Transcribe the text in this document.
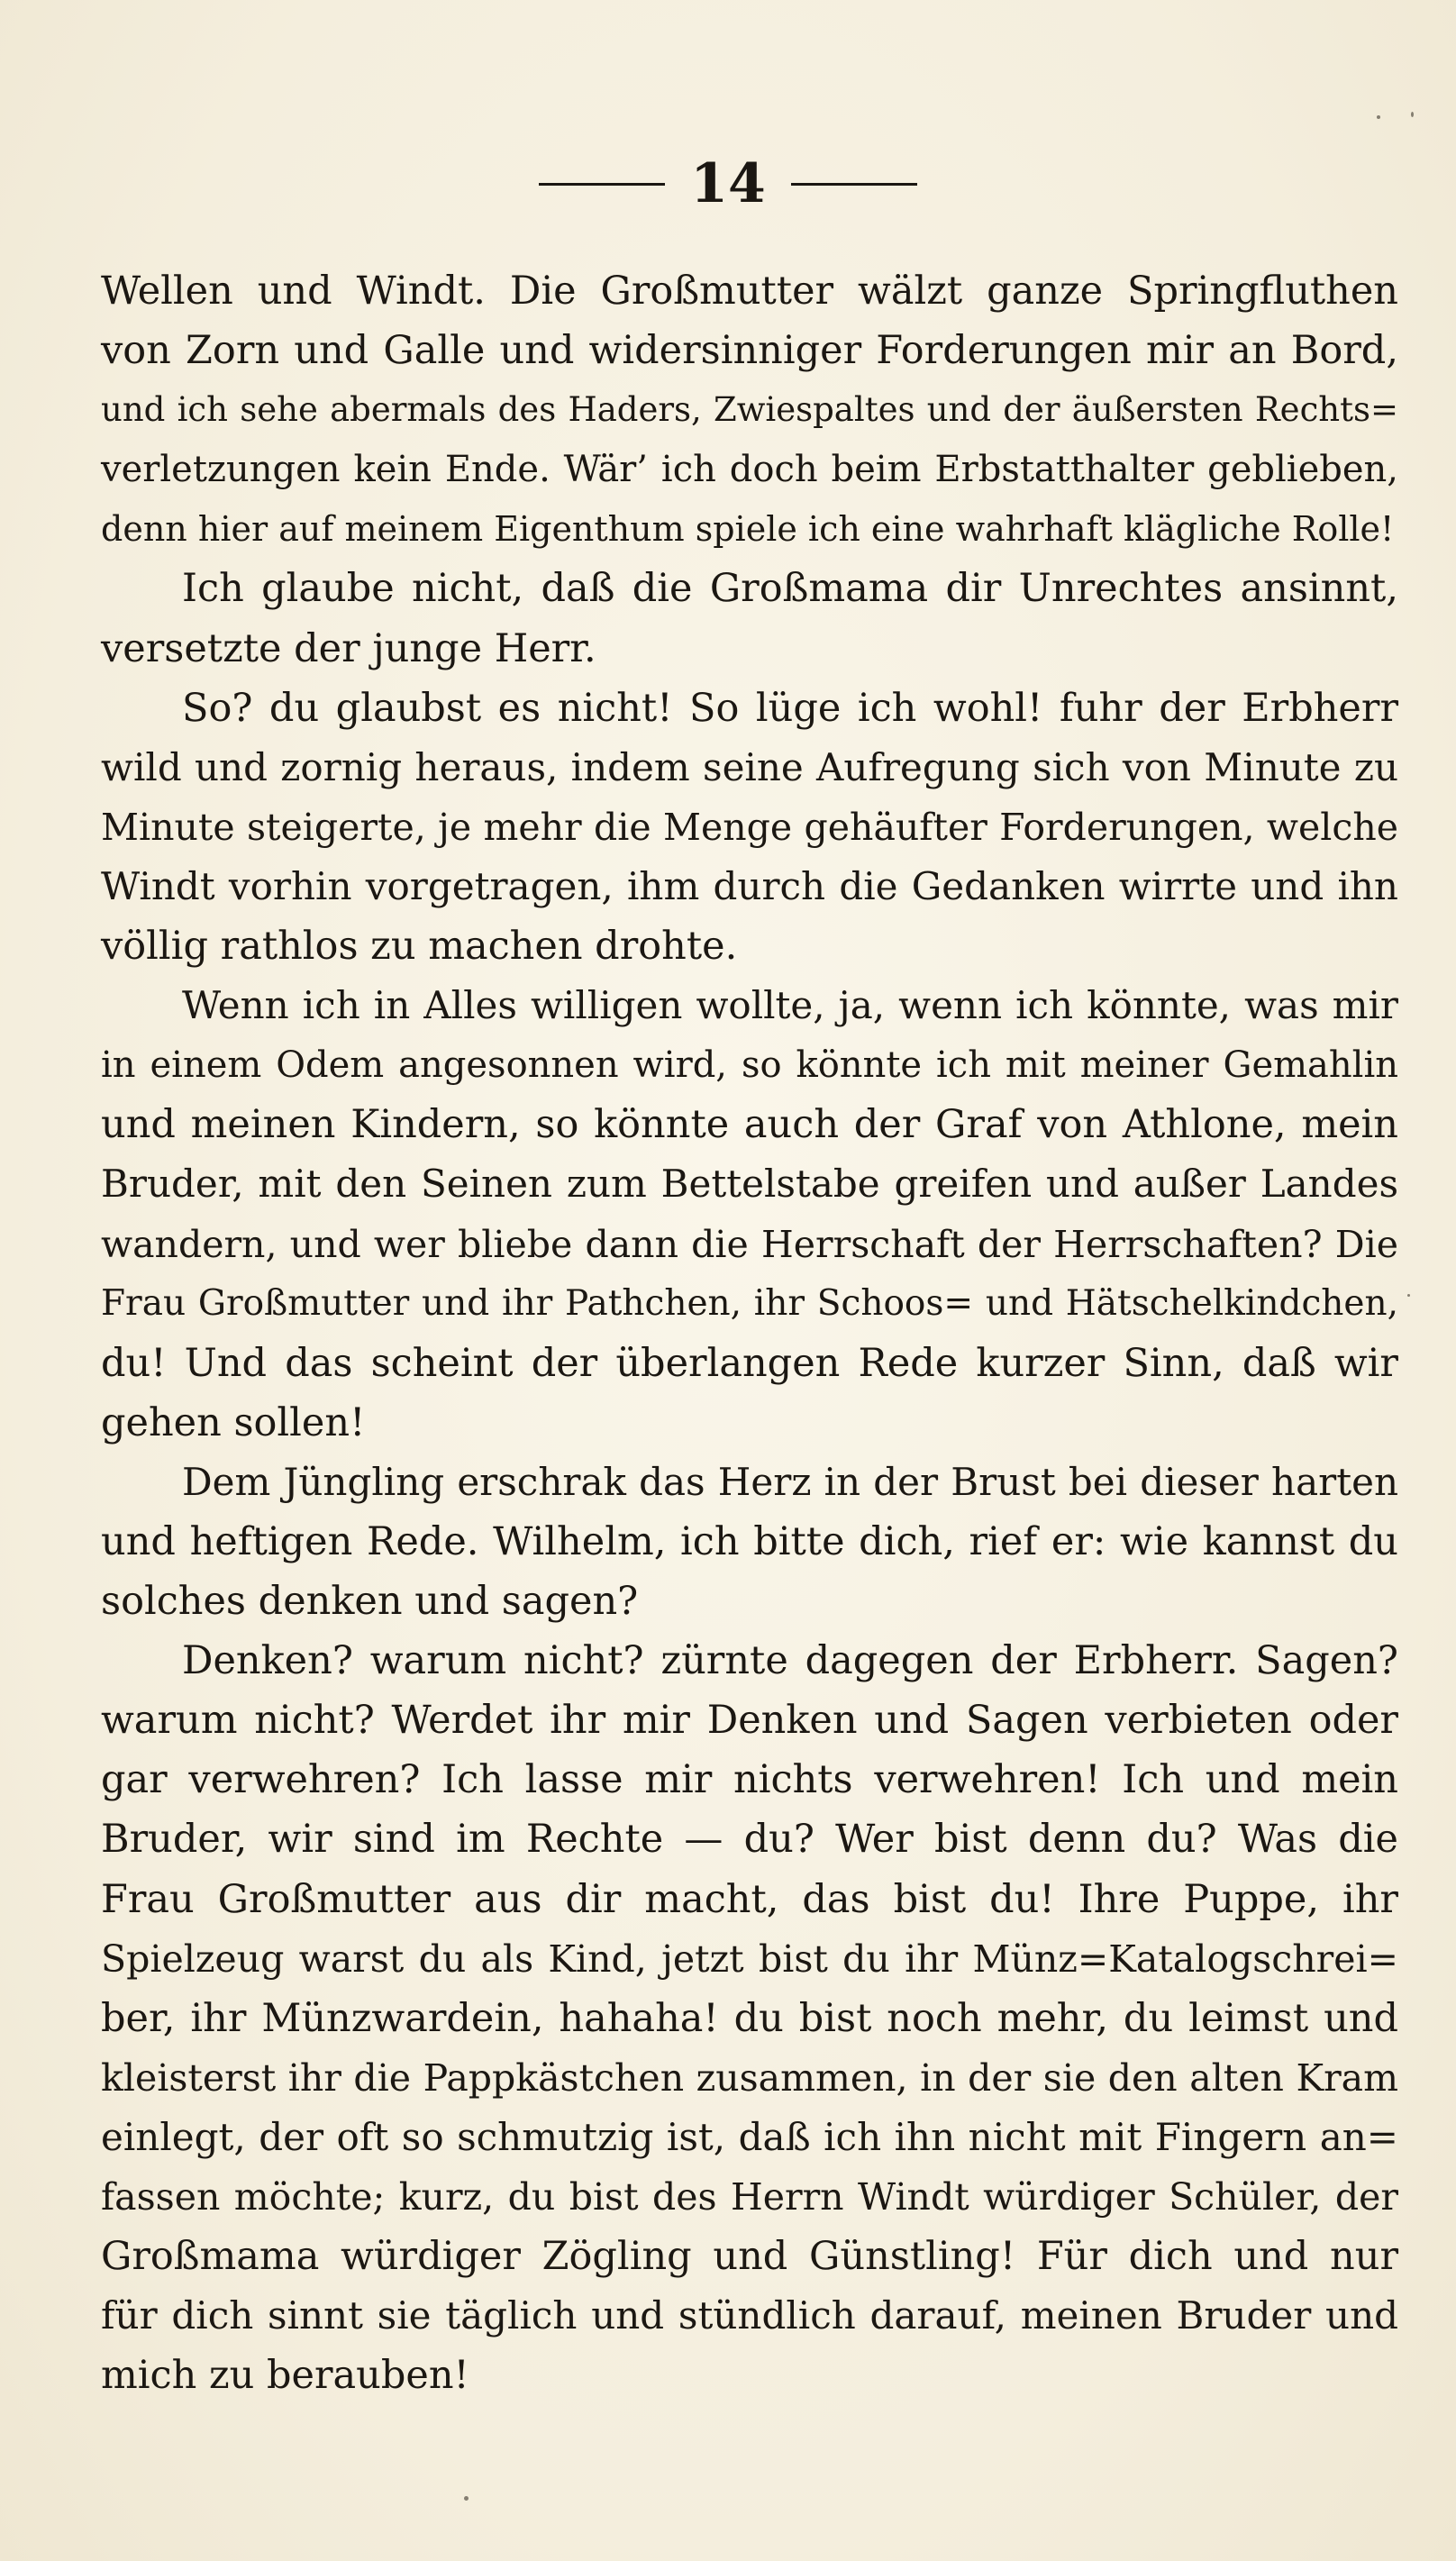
14
Wellen und Windt. Die Großmutter wälzt ganze Springfluthen
von Zorn und Galle und widersinniger Forderungen mir an Bord,
und ich sehe abermals des Haders, Zwiespaltes und der äußersten Rechts=
verletzungen kein Ende. Wär’ ich doch beim Erbstatthalter geblieben,
denn hier auf meinem Eigenthum spiele ich eine wahrhaft klägliche Rolle!
Ich glaube nicht, daß die Großmama dir Unrechtes ansinnt,
versetzte der junge Herr.
So? du glaubst es nicht! So lüge ich wohl! fuhr der Erbherr
wild und zornig heraus, indem seine Aufregung sich von Minute zu
Minute steigerte, je mehr die Menge gehäufter Forderungen, welche
Windt vorhin vorgetragen, ihm durch die Gedanken wirrte und ihn
völlig rathlos zu machen drohte.
Wenn ich in Alles willigen wollte, ja, wenn ich könnte, was mir
in einem Odem angesonnen wird, so könnte ich mit meiner Gemahlin
und meinen Kindern, so könnte auch der Graf von Athlone, mein
Bruder, mit den Seinen zum Bettelstabe greifen und außer Landes
wandern, und wer bliebe dann die Herrschaft der Herrschaften? Die
Frau Großmutter und ihr Pathchen, ihr Schoos= und Hätschelkindchen,
du! Und das scheint der überlangen Rede kurzer Sinn, daß wir
gehen sollen!
Dem Jüngling erschrak das Herz in der Brust bei dieser harten
und heftigen Rede. Wilhelm, ich bitte dich, rief er: wie kannst du
solches denken und sagen?
Denken? warum nicht? zürnte dagegen der Erbherr. Sagen?
warum nicht? Werdet ihr mir Denken und Sagen verbieten oder
gar verwehren? Ich lasse mir nichts verwehren! Ich und mein
Bruder, wir sind im Rechte — du? Wer bist denn du? Was die
Frau Großmutter aus dir macht, das bist du! Ihre Puppe, ihr
Spielzeug warst du als Kind, jetzt bist du ihr Münz=Katalogschrei=
ber, ihr Münzwardein, hahaha! du bist noch mehr, du leimst und
kleisterst ihr die Pappkästchen zusammen, in der sie den alten Kram
einlegt, der oft so schmutzig ist, daß ich ihn nicht mit Fingern an=
fassen möchte; kurz, du bist des Herrn Windt würdiger Schüler, der
Großmama würdiger Zögling und Günstling! Für dich und nur
für dich sinnt sie täglich und stündlich darauf, meinen Bruder und
mich zu berauben!
